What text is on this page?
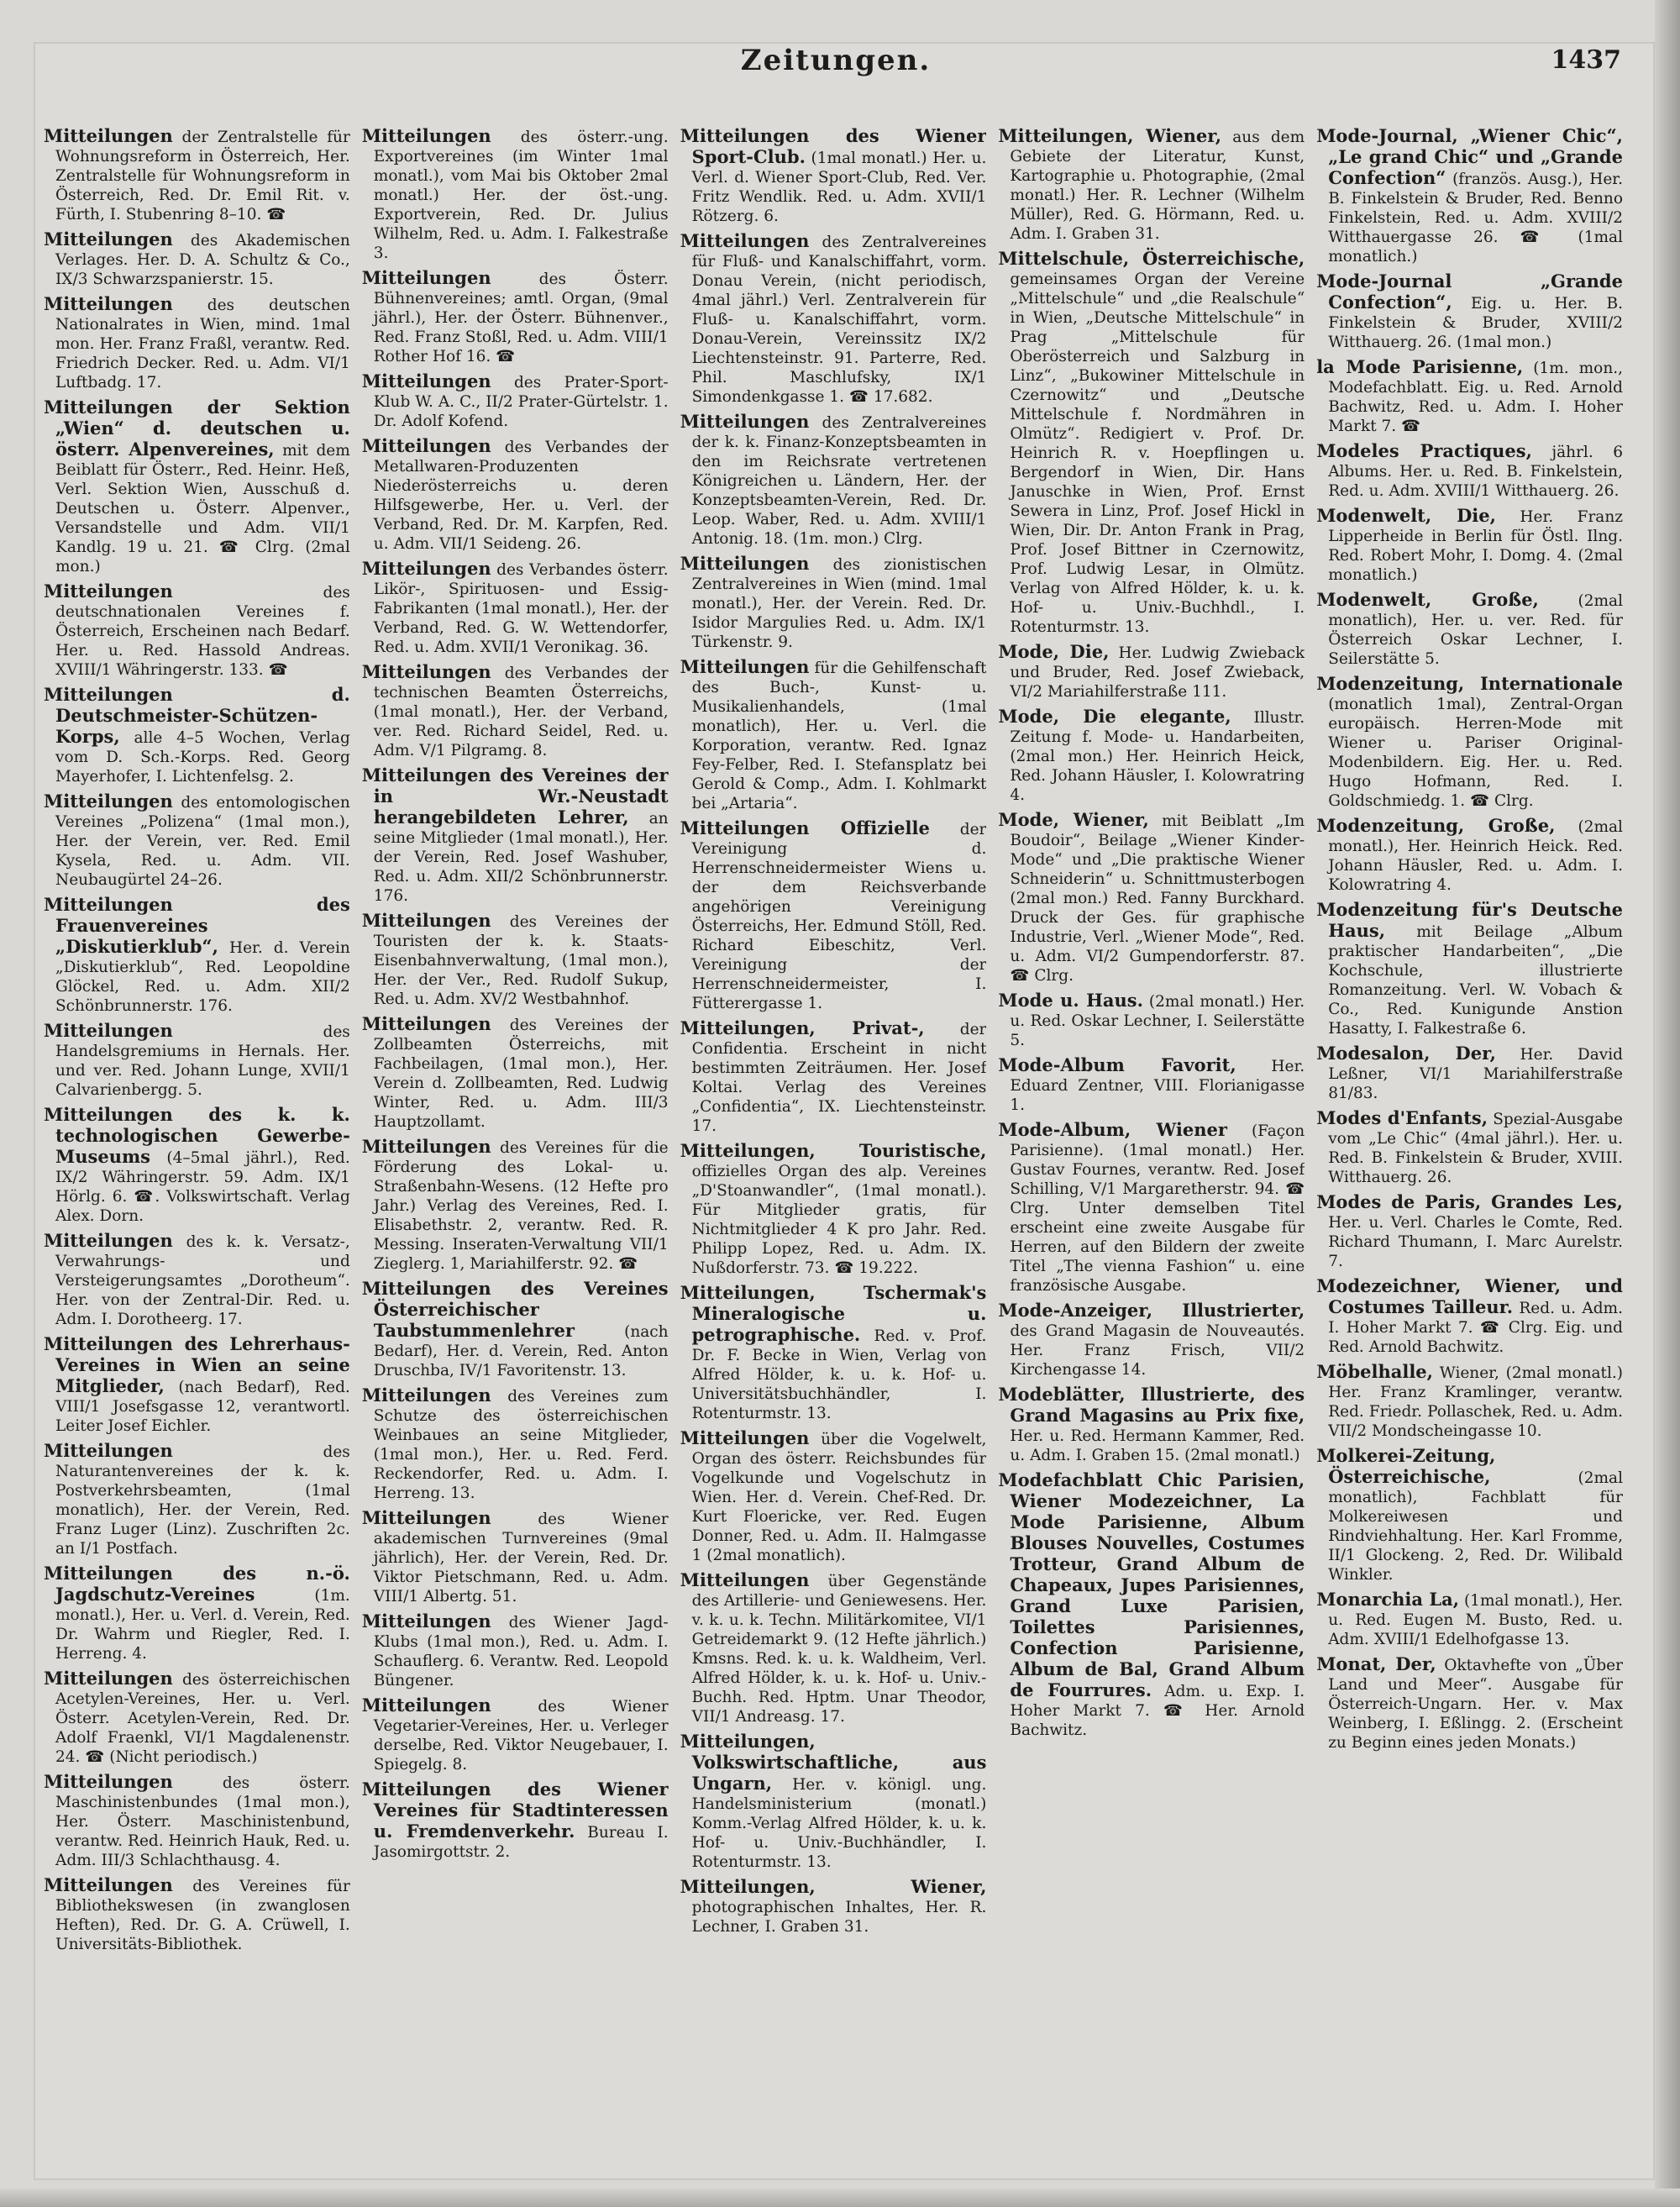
Zeitungen.	1437

Mitteilungen der Zentralstelle für Wohnungsreform in Österreich, Her. Zentralstelle für Wohnungsreform in Österreich, Red. Dr. Emil Rit. v. Fürth, I. Stubenring 8–10. ☎

Mitteilungen des Akademischen Verlages. Her. D. A. Schultz & Co., IX/3 Schwarzspanierstr. 15.

Mitteilungen des deutschen Nationalrates in Wien, mind. 1mal mon. Her. Franz Fraßl, verantw. Red. Friedrich Decker. Red. u. Adm. VI/1 Luftbadg. 17.

Mitteilungen der Sektion „Wien“ d. deutschen u. österr. Alpenvereines, mit dem Beiblatt für Österr., Red. Heinr. Heß, Verl. Sektion Wien, Ausschuß d. Deutschen u. Österr. Alpenver., Versandstelle und Adm. VII/1 Kandlg. 19 u. 21. ☎ Clrg. (2mal mon.)

Mitteilungen des deutschnationalen Vereines f. Österreich, Erscheinen nach Bedarf. Her. u. Red. Hassold Andreas. XVIII/1 Währingerstr. 133. ☎

Mitteilungen d. Deutschmeister-Schützen-Korps, alle 4–5 Wochen, Verlag vom D. Sch.-Korps. Red. Georg Mayerhofer, I. Lichtenfelsg. 2.

Mitteilungen des entomologischen Vereines „Polizena“ (1mal mon.), Her. der Verein, ver. Red. Emil Kysela, Red. u. Adm. VII. Neubaugürtel 24–26.

Mitteilungen des Frauenvereines „Diskutierklub“, Her. d. Verein „Diskutierklub“, Red. Leopoldine Glöckel, Red. u. Adm. XII/2 Schönbrunnerstr. 176.

Mitteilungen des Handelsgremiums in Hernals. Her. und ver. Red. Johann Lunge, XVII/1 Calvarienbergg. 5.

Mitteilungen des k. k. technologischen Gewerbe-Museums (4–5mal jährl.), Red. IX/2 Währingerstr. 59. Adm. IX/1 Hörlg. 6. ☎. Volkswirtschaft. Verlag Alex. Dorn.

Mitteilungen des k. k. Versatz-, Verwahrungs- und Versteigerungsamtes „Dorotheum“. Her. von der Zentral-Dir. Red. u. Adm. I. Dorotheerg. 17.

Mitteilungen des Lehrerhaus-Vereines in Wien an seine Mitglieder, (nach Bedarf), Red. VIII/1 Josefsgasse 12, verantwortl. Leiter Josef Eichler.

Mitteilungen des Naturantenvereines der k. k. Postverkehrsbeamten, (1mal monatlich), Her. der Verein, Red. Franz Luger (Linz). Zuschriften 2c. an I/1 Postfach.

Mitteilungen des n.-ö. Jagdschutz-Vereines (1m. monatl.), Her. u. Verl. d. Verein, Red. Dr. Wahrm und Riegler, Red. I. Herreng. 4.

Mitteilungen des österreichischen Acetylen-Vereines, Her. u. Verl. Österr. Acetylen-Verein, Red. Dr. Adolf Fraenkl, VI/1 Magdalenenstr. 24. ☎ (Nicht periodisch.)

Mitteilungen des österr. Maschinistenbundes (1mal mon.), Her. Österr. Maschinistenbund, verantw. Red. Heinrich Hauk, Red. u. Adm. III/3 Schlachthausg. 4.

Mitteilungen des Vereines für Bibliothekswesen (in zwanglosen Heften), Red. Dr. G. A. Crüwell, I. Universitäts-Bibliothek.

Mitteilungen des österr.-ung. Exportvereines (im Winter 1mal monatl.), vom Mai bis Oktober 2mal monatl.) Her. der öst.-ung. Exportverein, Red. Dr. Julius Wilhelm, Red. u. Adm. I. Falkestraße 3.

Mitteilungen des Österr. Bühnenvereines; amtl. Organ, (9mal jährl.), Her. der Österr. Bühnenver., Red. Franz Stoßl, Red. u. Adm. VIII/1 Rother Hof 16. ☎

Mitteilungen des Prater-Sport-Klub W. A. C., II/2 Prater-Gürtelstr. 1. Dr. Adolf Kofend.

Mitteilungen des Verbandes der Metallwaren-Produzenten Niederösterreichs u. deren Hilfsgewerbe, Her. u. Verl. der Verband, Red. Dr. M. Karpfen, Red. u. Adm. VII/1 Seideng. 26.

Mitteilungen des Verbandes österr. Likör-, Spirituosen- und Essig-Fabrikanten (1mal monatl.), Her. der Verband, Red. G. W. Wettendorfer, Red. u. Adm. XVII/1 Veronikag. 36.

Mitteilungen des Verbandes der technischen Beamten Österreichs, (1mal monatl.), Her. der Verband, ver. Red. Richard Seidel, Red. u. Adm. V/1 Pilgramg. 8.

Mitteilungen des Vereines der in Wr.-Neustadt herangebildeten Lehrer, an seine Mitglieder (1mal monatl.), Her. der Verein, Red. Josef Washuber, Red. u. Adm. XII/2 Schönbrunnerstr. 176.

Mitteilungen des Vereines der Touristen der k. k. Staats-Eisenbahnverwaltung, (1mal mon.), Her. der Ver., Red. Rudolf Sukup, Red. u. Adm. XV/2 Westbahnhof.

Mitteilungen des Vereines der Zollbeamten Österreichs, mit Fachbeilagen, (1mal mon.), Her. Verein d. Zollbeamten, Red. Ludwig Winter, Red. u. Adm. III/3 Hauptzollamt.

Mitteilungen des Vereines für die Förderung des Lokal- u. Straßenbahn-Wesens. (12 Hefte pro Jahr.) Verlag des Vereines, Red. I. Elisabethstr. 2, verantw. Red. R. Messing. Inseraten-Verwaltung VII/1 Zieglerg. 1, Mariahilferstr. 92. ☎

Mitteilungen des Vereines Österreichischer Taubstummenlehrer (nach Bedarf), Her. d. Verein, Red. Anton Druschba, IV/1 Favoritenstr. 13.

Mitteilungen des Vereines zum Schutze des österreichischen Weinbaues an seine Mitglieder, (1mal mon.), Her. u. Red. Ferd. Reckendorfer, Red. u. Adm. I. Herreng. 13.

Mitteilungen des Wiener akademischen Turnvereines (9mal jährlich), Her. der Verein, Red. Dr. Viktor Pietschmann, Red. u. Adm. VIII/1 Albertg. 51.

Mitteilungen des Wiener Jagd-Klubs (1mal mon.), Red. u. Adm. I. Schauflerg. 6. Verantw. Red. Leopold Büngener.

Mitteilungen des Wiener Vegetarier-Vereines, Her. u. Verleger derselbe, Red. Viktor Neugebauer, I. Spiegelg. 8.

Mitteilungen des Wiener Vereines für Stadtinteressen u. Fremdenverkehr. Bureau I. Jasomirgottstr. 2.

Mitteilungen des Wiener Sport-Club. (1mal monatl.) Her. u. Verl. d. Wiener Sport-Club, Red. Ver. Fritz Wendlik. Red. u. Adm. XVII/1 Rötzerg. 6.

Mitteilungen des Zentralvereines für Fluß- und Kanalschiffahrt, vorm. Donau Verein, (nicht periodisch, 4mal jährl.) Verl. Zentralverein für Fluß- u. Kanalschiffahrt, vorm. Donau-Verein, Vereinssitz IX/2 Liechtensteinstr. 91. Parterre, Red. Phil. Maschlufsky, IX/1 Simondenkgasse 1. ☎ 17.682.

Mitteilungen des Zentralvereines der k. k. Finanz-Konzeptsbeamten in den im Reichsrate vertretenen Königreichen u. Ländern, Her. der Konzeptsbeamten-Verein, Red. Dr. Leop. Waber, Red. u. Adm. XVIII/1 Antonig. 18. (1m. mon.) Clrg.

Mitteilungen des zionistischen Zentralvereines in Wien (mind. 1mal monatl.), Her. der Verein. Red. Dr. Isidor Margulies Red. u. Adm. IX/1 Türkenstr. 9.

Mitteilungen für die Gehilfenschaft des Buch-, Kunst- u. Musikalienhandels, (1mal monatlich), Her. u. Verl. die Korporation, verantw. Red. Ignaz Fey-Felber, Red. I. Stefansplatz bei Gerold & Comp., Adm. I. Kohlmarkt bei „Artaria“.

Mitteilungen Offizielle der Vereinigung d. Herrenschneidermeister Wiens u. der dem Reichsverbande angehörigen Vereinigung Österreichs, Her. Edmund Stöll, Red. Richard Eibeschitz, Verl. Vereinigung der Herrenschneidermeister, I. Fütterergasse 1.

Mitteilungen, Privat-, der Confidentia. Erscheint in nicht bestimmten Zeiträumen. Her. Josef Koltai. Verlag des Vereines „Confidentia“, IX. Liechtensteinstr. 17.

Mitteilungen, Touristische, offizielles Organ des alp. Vereines „D'Stoanwandler“, (1mal monatl.). Für Mitglieder gratis, für Nichtmitglieder 4 K pro Jahr. Red. Philipp Lopez, Red. u. Adm. IX. Nußdorferstr. 73. ☎ 19.222.

Mitteilungen, Tschermak's Mineralogische u. petrographische. Red. v. Prof. Dr. F. Becke in Wien, Verlag von Alfred Hölder, k. u. k. Hof- u. Universitätsbuchhändler, I. Rotenturmstr. 13.

Mitteilungen über die Vogelwelt, Organ des österr. Reichsbundes für Vogelkunde und Vogelschutz in Wien. Her. d. Verein. Chef-Red. Dr. Kurt Floericke, ver. Red. Eugen Donner, Red. u. Adm. II. Halmgasse 1 (2mal monatlich).

Mitteilungen über Gegenstände des Artillerie- und Geniewesens. Her. v. k. u. k. Techn. Militärkomitee, VI/1 Getreidemarkt 9. (12 Hefte jährlich.) Kmsns. Red. k. u. k. Waldheim, Verl. Alfred Hölder, k. u. k. Hof- u. Univ.-Buchh. Red. Hptm. Unar Theodor, VII/1 Andreasg. 17.

Mitteilungen, Volkswirtschaftliche, aus Ungarn, Her. v. königl. ung. Handelsministerium (monatl.) Komm.-Verlag Alfred Hölder, k. u. k. Hof- u. Univ.-Buchhändler, I. Rotenturmstr. 13.

Mitteilungen, Wiener, photographischen Inhaltes, Her. R. Lechner, I. Graben 31.

Mitteilungen, Wiener, aus dem Gebiete der Literatur, Kunst, Kartographie u. Photographie, (2mal monatl.) Her. R. Lechner (Wilhelm Müller), Red. G. Hörmann, Red. u. Adm. I. Graben 31.

Mittelschule, Österreichische, gemeinsames Organ der Vereine „Mittelschule“ und „die Realschule“ in Wien, „Deutsche Mittelschule“ in Prag „Mittelschule für Oberösterreich und Salzburg in Linz“, „Bukowiner Mittelschule in Czernowitz“ und „Deutsche Mittelschule f. Nordmähren in Olmütz“. Redigiert v. Prof. Dr. Heinrich R. v. Hoepflingen u. Bergendorf in Wien, Dir. Hans Januschke in Wien, Prof. Ernst Sewera in Linz, Prof. Josef Hickl in Wien, Dir. Dr. Anton Frank in Prag, Prof. Josef Bittner in Czernowitz, Prof. Ludwig Lesar, in Olmütz. Verlag von Alfred Hölder, k. u. k. Hof- u. Univ.-Buchhdl., I. Rotenturmstr. 13.

Mode, Die, Her. Ludwig Zwieback und Bruder, Red. Josef Zwieback, VI/2 Mariahilferstraße 111.

Mode, Die elegante, Illustr. Zeitung f. Mode- u. Handarbeiten, (2mal mon.) Her. Heinrich Heick, Red. Johann Häusler, I. Kolowratring 4.

Mode, Wiener, mit Beiblatt „Im Boudoir“, Beilage „Wiener Kinder-Mode“ und „Die praktische Wiener Schneiderin“ u. Schnittmusterbogen (2mal mon.) Red. Fanny Burckhard. Druck der Ges. für graphische Industrie, Verl. „Wiener Mode“, Red. u. Adm. VI/2 Gumpendorferstr. 87. ☎ Clrg.

Mode u. Haus. (2mal monatl.) Her. u. Red. Oskar Lechner, I. Seilerstätte 5.

Mode-Album Favorit, Her. Eduard Zentner, VIII. Florianigasse 1.

Mode-Album, Wiener (Façon Parisienne). (1mal monatl.) Her. Gustav Fournes, verantw. Red. Josef Schilling, V/1 Margaretherstr. 94. ☎ Clrg. Unter demselben Titel erscheint eine zweite Ausgabe für Herren, auf den Bildern der zweite Titel „The vienna Fashion“ u. eine französische Ausgabe.

Mode-Anzeiger, Illustrierter, des Grand Magasin de Nouveautés. Her. Franz Frisch, VII/2 Kirchengasse 14.

Modeblätter, Illustrierte, des Grand Magasins au Prix fixe, Her. u. Red. Hermann Kammer, Red. u. Adm. I. Graben 15. (2mal monatl.)

Modefachblatt Chic Parisien, Wiener Modezeichner, La Mode Parisienne, Album Blouses Nouvelles, Costumes Trotteur, Grand Album de Chapeaux, Jupes Parisiennes, Grand Luxe Parisien, Toilettes Parisiennes, Confection Parisienne, Album de Bal, Grand Album de Fourrures. Adm. u. Exp. I. Hoher Markt 7. ☎ Her. Arnold Bachwitz.

Mode-Journal, „Wiener Chic“, „Le grand Chic“ und „Grande Confection“ (französ. Ausg.), Her. B. Finkelstein & Bruder, Red. Benno Finkelstein, Red. u. Adm. XVIII/2 Witthauergasse 26. ☎ (1mal monatlich.)

Mode-Journal „Grande Confection“, Eig. u. Her. B. Finkelstein & Bruder, XVIII/2 Witthauerg. 26. (1mal mon.)

la Mode Parisienne, (1m. mon., Modefachblatt. Eig. u. Red. Arnold Bachwitz, Red. u. Adm. I. Hoher Markt 7. ☎

Modeles Practiques, jährl. 6 Albums. Her. u. Red. B. Finkelstein, Red. u. Adm. XVIII/1 Witthauerg. 26.

Modenwelt, Die, Her. Franz Lipperheide in Berlin für Östl. Ilng. Red. Robert Mohr, I. Domg. 4. (2mal monatlich.)

Modenwelt, Große, (2mal monatlich), Her. u. ver. Red. für Österreich Oskar Lechner, I. Seilerstätte 5.

Modenzeitung, Internationale (monatlich 1mal), Zentral-Organ europäisch. Herren-Mode mit Wiener u. Pariser Original-Modenbildern. Eig. Her. u. Red. Hugo Hofmann, Red. I. Goldschmiedg. 1. ☎ Clrg.

Modenzeitung, Große, (2mal monatl.), Her. Heinrich Heick. Red. Johann Häusler, Red. u. Adm. I. Kolowratring 4.

Modenzeitung für's Deutsche Haus, mit Beilage „Album praktischer Handarbeiten“, „Die Kochschule, illustrierte Romanzeitung. Verl. W. Vobach & Co., Red. Kunigunde Anstion Hasatty, I. Falkestraße 6.

Modesalon, Der, Her. David Leßner, VI/1 Mariahilferstraße 81/83.

Modes d'Enfants, Spezial-Ausgabe vom „Le Chic“ (4mal jährl.). Her. u. Red. B. Finkelstein & Bruder, XVIII. Witthauerg. 26.

Modes de Paris, Grandes Les, Her. u. Verl. Charles le Comte, Red. Richard Thumann, I. Marc Aurelstr. 7.

Modezeichner, Wiener, und Costumes Tailleur. Red. u. Adm. I. Hoher Markt 7. ☎ Clrg. Eig. und Red. Arnold Bachwitz.

Möbelhalle, Wiener, (2mal monatl.) Her. Franz Kramlinger, verantw. Red. Friedr. Pollaschek, Red. u. Adm. VII/2 Mondscheingasse 10.

Molkerei-Zeitung, Österreichische, (2mal monatlich), Fachblatt für Molkereiwesen und Rindviehhaltung. Her. Karl Fromme, II/1 Glockeng. 2, Red. Dr. Wilibald Winkler.

Monarchia La, (1mal monatl.), Her. u. Red. Eugen M. Busto, Red. u. Adm. XVIII/1 Edelhofgasse 13.

Monat, Der, Oktavhefte von „Über Land und Meer“. Ausgabe für Österreich-Ungarn. Her. v. Max Weinberg, I. Eßlingg. 2. (Erscheint zu Beginn eines jeden Monats.)
